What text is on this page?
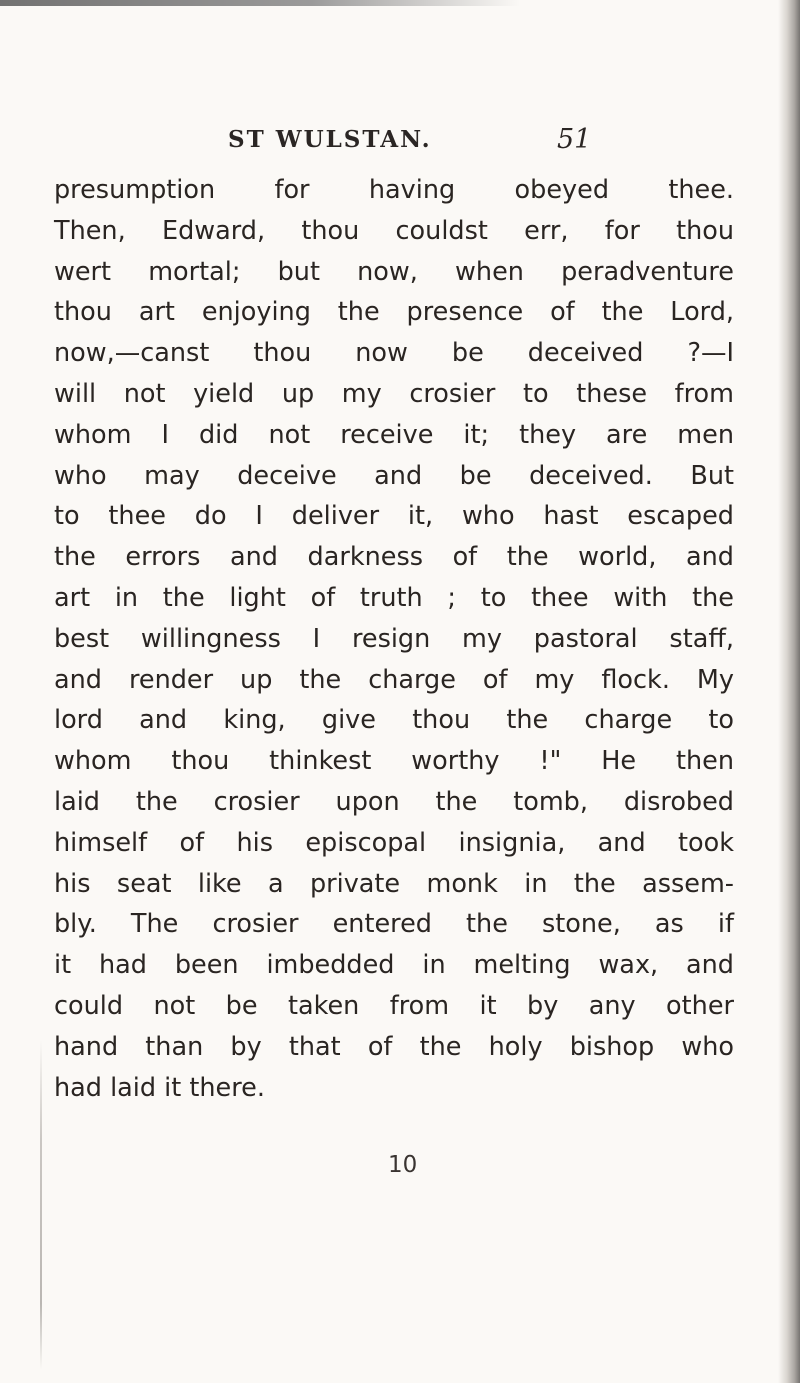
ST WULSTAN.	51
presumption for having obeyed thee.
Then, Edward, thou couldst err, for thou
wert mortal; but now, when peradventure
thou art enjoying the presence of the Lord,
now,—canst thou now be deceived ?—I
will not yield up my crosier to these from
whom I did not receive it; they are men
who may deceive and be deceived. But
to thee do I deliver it, who hast escaped
the errors and darkness of the world, and
art in the light of truth ; to thee with the
best willingness I resign my pastoral staff,
and render up the charge of my flock. My
lord and king, give thou the charge to
whom thou thinkest worthy !" He then
laid the crosier upon the tomb, disrobed
himself of his episcopal insignia, and took
his seat like a private monk in the assem-
bly. The crosier entered the stone, as if
it had been imbedded in melting wax, and
could not be taken from it by any other
hand than by that of the holy bishop who
had laid it there.
10
